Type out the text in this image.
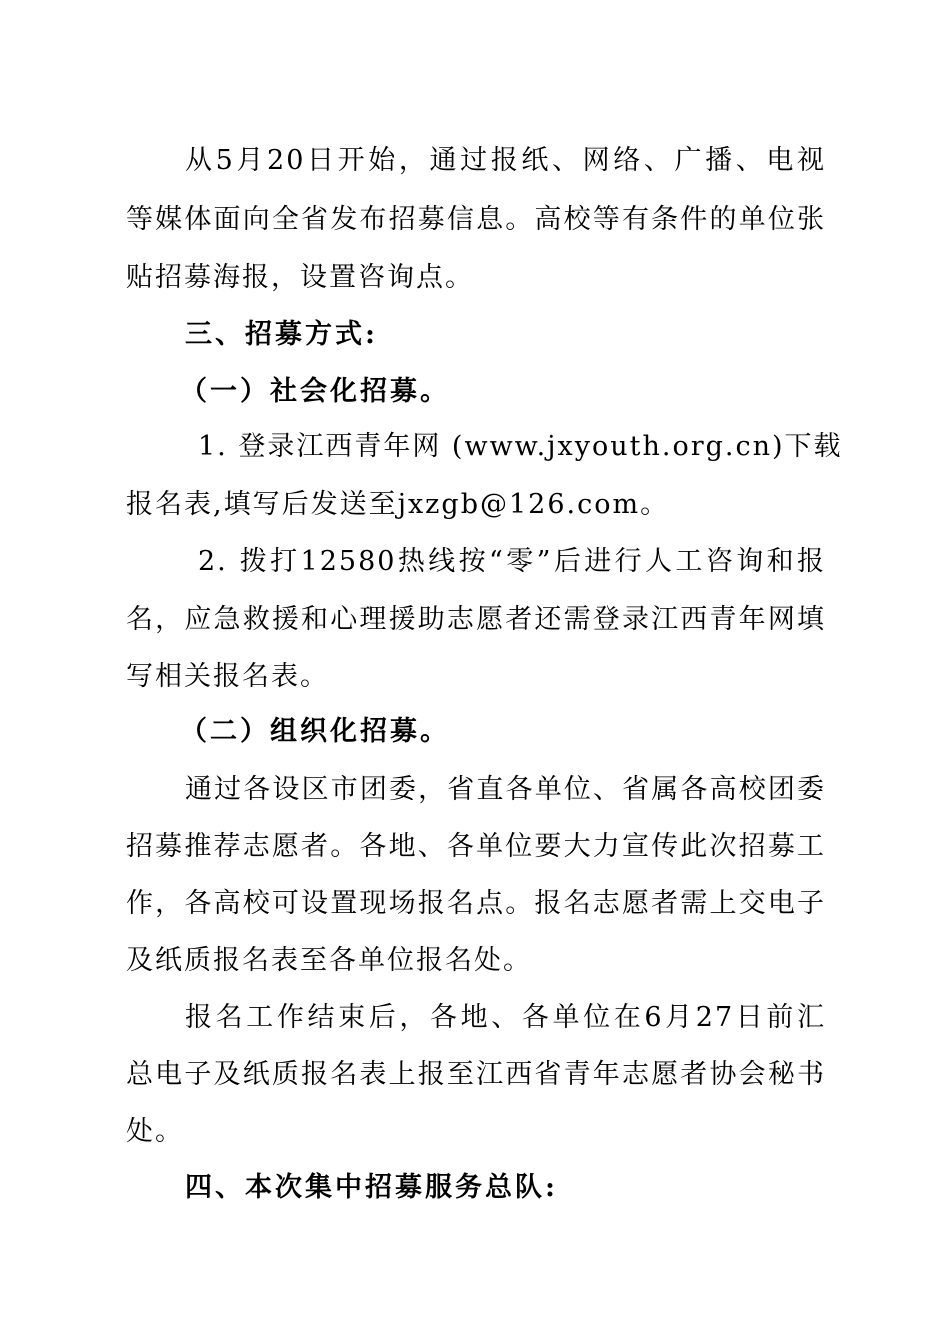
从5月20日开始，通过报纸、网络、广播、电视
等媒体面向全省发布招募信息。高校等有条件的单位张
贴招募海报，设置咨询点。
三、招募方式:
（一）社会化招募。
1. 登录江西青年网 (www.jxyouth.org.cn)下载
报名表,填写后发送至jxzgb@126.com。
2. 拨打12580热线按“零”后进行人工咨询和报
名，应急救援和心理援助志愿者还需登录江西青年网填
写相关报名表。
（二）组织化招募。
通过各设区市团委，省直各单位、省属各高校团委
招募推荐志愿者。各地、各单位要大力宣传此次招募工
作，各高校可设置现场报名点。报名志愿者需上交电子
及纸质报名表至各单位报名处。
报名工作结束后，各地、各单位在6月27日前汇
总电子及纸质报名表上报至江西省青年志愿者协会秘书
处。
四、本次集中招募服务总队:
